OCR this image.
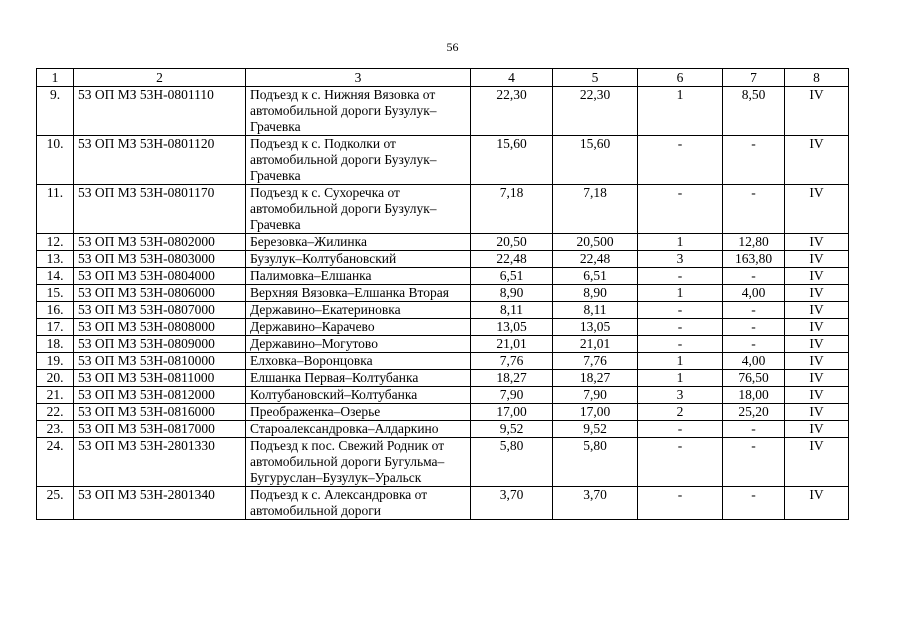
56
1	2	3	4	5	6	7	8
9.	53 ОП МЗ 53Н-0801110	Подъезд к с. Нижняя Вязовка от автомобильной дороги Бузулук–Грачевка	22,30	22,30	1	8,50	IV
10.	53 ОП МЗ 53Н-0801120	Подъезд к с. Подколки от автомобильной дороги Бузулук–Грачевка	15,60	15,60	-	-	IV
11.	53 ОП МЗ 53Н-0801170	Подъезд к с. Сухоречка от автомобильной дороги Бузулук–Грачевка	7,18	7,18	-	-	IV
12.	53 ОП МЗ 53Н-0802000	Березовка–Жилинка	20,50	20,500	1	12,80	IV
13.	53 ОП МЗ 53Н-0803000	Бузулук–Колтубановский	22,48	22,48	3	163,80	IV
14.	53 ОП МЗ 53Н-0804000	Палимовка–Елшанка	6,51	6,51	-	-	IV
15.	53 ОП МЗ 53Н-0806000	Верхняя Вязовка–Елшанка Вторая	8,90	8,90	1	4,00	IV
16.	53 ОП МЗ 53Н-0807000	Державино–Екатериновка	8,11	8,11	-	-	IV
17.	53 ОП МЗ 53Н-0808000	Державино–Карачево	13,05	13,05	-	-	IV
18.	53 ОП МЗ 53Н-0809000	Державино–Могутово	21,01	21,01	-	-	IV
19.	53 ОП МЗ 53Н-0810000	Елховка–Воронцовка	7,76	7,76	1	4,00	IV
20.	53 ОП МЗ 53Н-0811000	Елшанка Первая–Колтубанка	18,27	18,27	1	76,50	IV
21.	53 ОП МЗ 53Н-0812000	Колтубановский–Колтубанка	7,90	7,90	3	18,00	IV
22.	53 ОП МЗ 53Н-0816000	Преображенка–Озерье	17,00	17,00	2	25,20	IV
23.	53 ОП МЗ 53Н-0817000	Староалександровка–Алдаркино	9,52	9,52	-	-	IV
24.	53 ОП МЗ 53Н-2801330	Подъезд к пос. Свежий Родник от автомобильной дороги Бугульма–Бугуруслан–Бузулук–Уральск	5,80	5,80	-	-	IV
25.	53 ОП МЗ 53Н-2801340	Подъезд к с. Александровка от автомобильной дороги	3,70	3,70	-	-	IV
